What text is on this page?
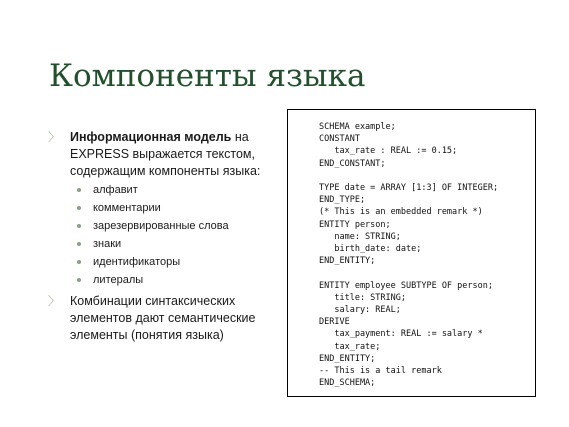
Компоненты языка
〉 Информационная модель на EXPRESS выражается текстом, содержащим компоненты языка:
алфавит
комментарии
зарезервированные слова
знаки
идентификаторы
литералы
〉 Комбинации синтаксических элементов дают семантические элементы (понятия языка)
SCHEMA example;
CONSTANT
tax_rate : REAL := 0.15;
END_CONSTANT;

TYPE date = ARRAY [1:3] OF INTEGER;
END_TYPE;
(* This is an embedded remark *)
ENTITY person;
name: STRING;
birth_date: date;
END_ENTITY;

ENTITY employee SUBTYPE OF person;
title: STRING;
salary: REAL;
DERIVE
tax_payment: REAL := salary *
tax_rate;
END_ENTITY;
-- This is a tail remark
END_SCHEMA;
